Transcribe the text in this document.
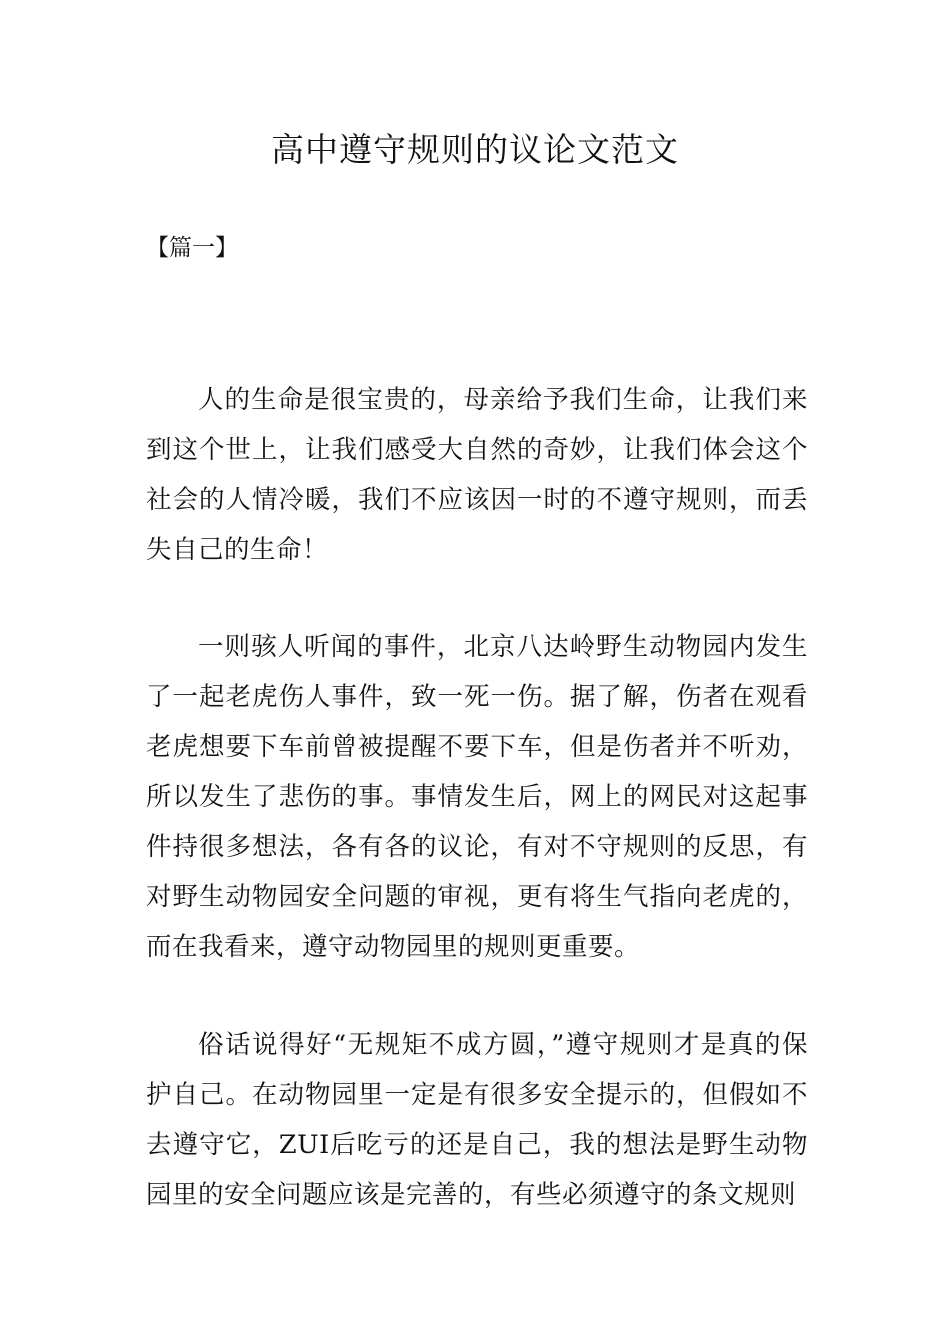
高中遵守规则的议论文范文
【篇一】

人的生命是很宝贵的，母亲给予我们生命，让我们来到这个世上，让我们感受大自然的奇妙，让我们体会这个社会的人情冷暖，我们不应该因一时的不遵守规则，而丢失自己的生命！

一则骇人听闻的事件，北京八达岭野生动物园内发生了一起老虎伤人事件，致一死一伤。据了解，伤者在观看老虎想要下车前曾被提醒不要下车，但是伤者并不听劝，所以发生了悲伤的事。事情发生后，网上的网民对这起事件持很多想法，各有各的议论，有对不守规则的反思，有对野生动物园安全问题的审视，更有将生气指向老虎的，而在我看来，遵守动物园里的规则更重要。

俗话说得好“无规矩不成方圆，”遵守规则才是真的保护自己。在动物园里一定是有很多安全提示的，但假如不去遵守它，ZUI后吃亏的还是自己，我的想法是野生动物园里的安全问题应该是完善的，有些必须遵守的条文规则
